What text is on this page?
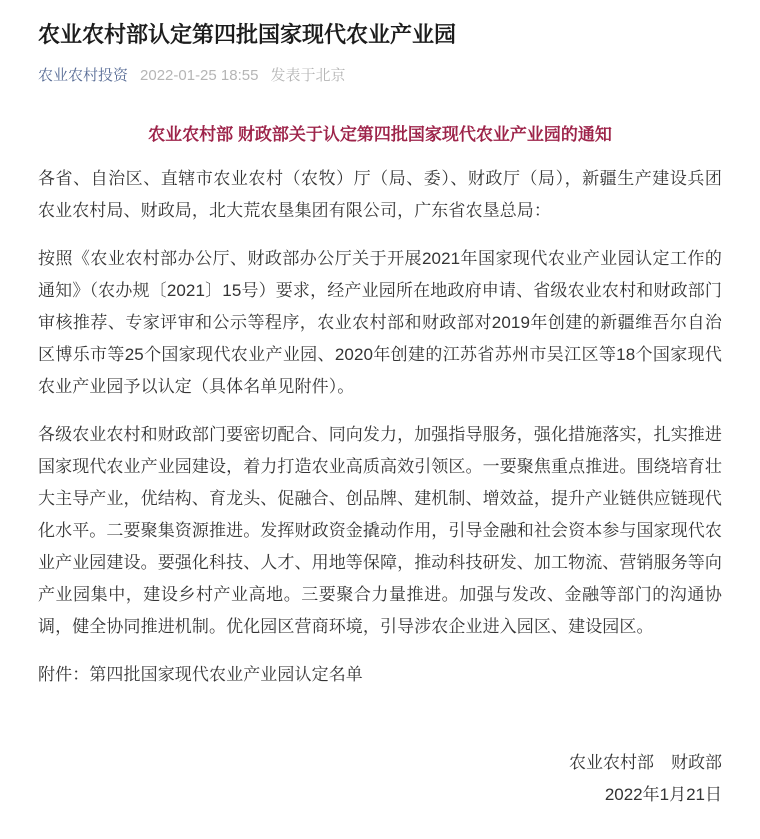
农业农村部认定第四批国家现代农业产业园
农业农村投资 2022-01-25 18:55 发表于北京
农业农村部 财政部关于认定第四批国家现代农业产业园的通知

各省、自治区、直辖市农业农村（农牧）厅（局、委）、财政厅（局），新疆生产建设兵团农业农村局、财政局，北大荒农垦集团有限公司，广东省农垦总局：

按照《农业农村部办公厅、财政部办公厅关于开展2021年国家现代农业产业园认定工作的通知》（农办规〔2021〕15号）要求，经产业园所在地政府申请、省级农业农村和财政部门审核推荐、专家评审和公示等程序，农业农村部和财政部对2019年创建的新疆维吾尔自治区博乐市等25个国家现代农业产业园、2020年创建的江苏省苏州市吴江区等18个国家现代农业产业园予以认定（具体名单见附件）。

各级农业农村和财政部门要密切配合、同向发力，加强指导服务，强化措施落实，扎实推进国家现代农业产业园建设，着力打造农业高质高效引领区。一要聚焦重点推进。围绕培育壮大主导产业，优结构、育龙头、促融合、创品牌、建机制、增效益，提升产业链供应链现代化水平。二要聚集资源推进。发挥财政资金撬动作用，引导金融和社会资本参与国家现代农业产业园建设。要强化科技、人才、用地等保障，推动科技研发、加工物流、营销服务等向产业园集中，建设乡村产业高地。三要聚合力量推进。加强与发改、金融等部门的沟通协调，健全协同推进机制。优化园区营商环境，引导涉农企业进入园区、建设园区。

附件：第四批国家现代农业产业园认定名单

农业农村部　财政部

2022年1月21日
